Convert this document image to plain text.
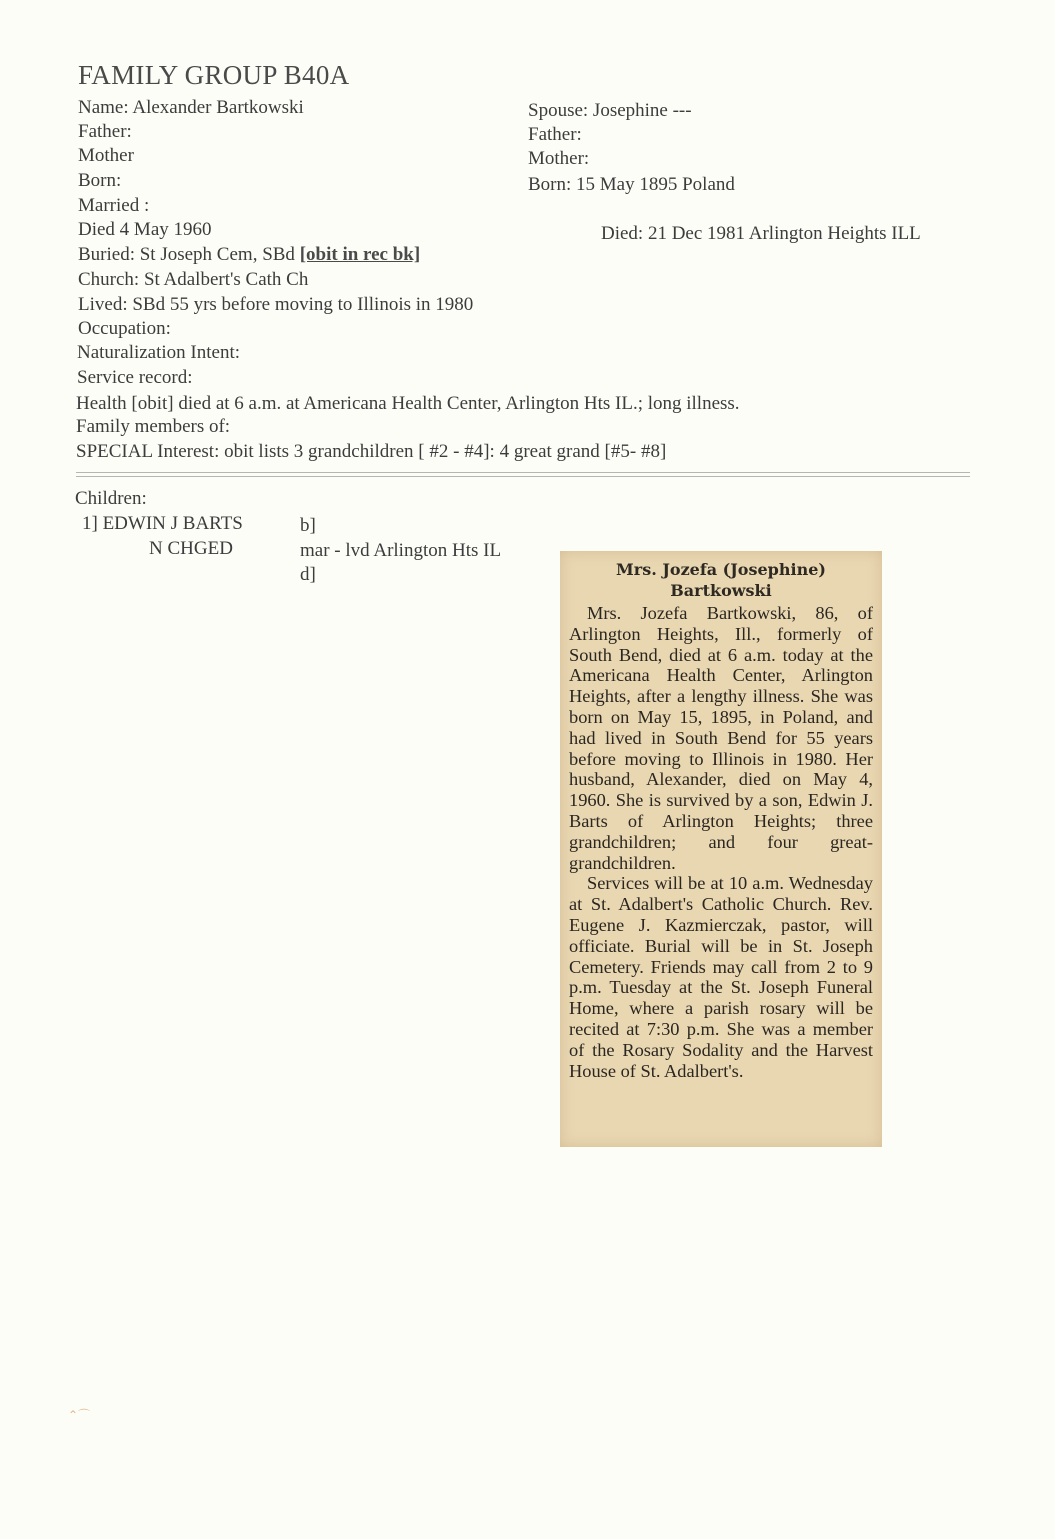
FAMILY GROUP B40A
Name: Alexander Bartkowski
Father:
Mother
Born:
Married :
Died 4 May 1960
Buried: St Joseph Cem, SBd [obit in rec bk]
Church: St Adalbert's Cath Ch
Lived: SBd 55 yrs before moving to Illinois in 1980
Occupation:
Naturalization Intent:
Service record:
Health [obit] died at 6 a.m. at Americana Health Center, Arlington Hts IL.; long illness.
Family members of:
SPECIAL Interest: obit lists 3 grandchildren [ #2 - #4]: 4 great grand [#5- #8]
Spouse: Josephine ---
Father:
Mother:
Born: 15 May 1895 Poland
Died: 21 Dec 1981 Arlington Heights ILL
Children:
1] EDWIN J BARTS
N CHGED
b]
mar - lvd Arlington Hts IL
d]	Mrs. Jozefa (Josephine)
Bartkowski

Mrs. Jozefa Bartkowski, 86, of Arlington Heights, Ill., formerly of South Bend, died at 6 a.m. today at the Americana Health Center, Arlington Heights, after a lengthy illness. She was born on May 15, 1895, in Poland, and had lived in South Bend for 55 years before moving to Illinois in 1980. Her husband, Alexander, died on May 4, 1960. She is survived by a son, Edwin J. Barts of Arlington Heights; three grandchildren; and four great-grandchildren.

Services will be at 10 a.m. Wednesday at St. Adalbert's Catholic Church. Rev. Eugene J. Kazmierczak, pastor, will officiate. Burial will be in St. Joseph Cemetery. Friends may call from 2 to 9 p.m. Tuesday at the St. Joseph Funeral Home, where a parish rosary will be recited at 7:30 p.m. She was a member of the Rosary Sodality and the Harvest House of St. Adalbert's.

⌃⌒
